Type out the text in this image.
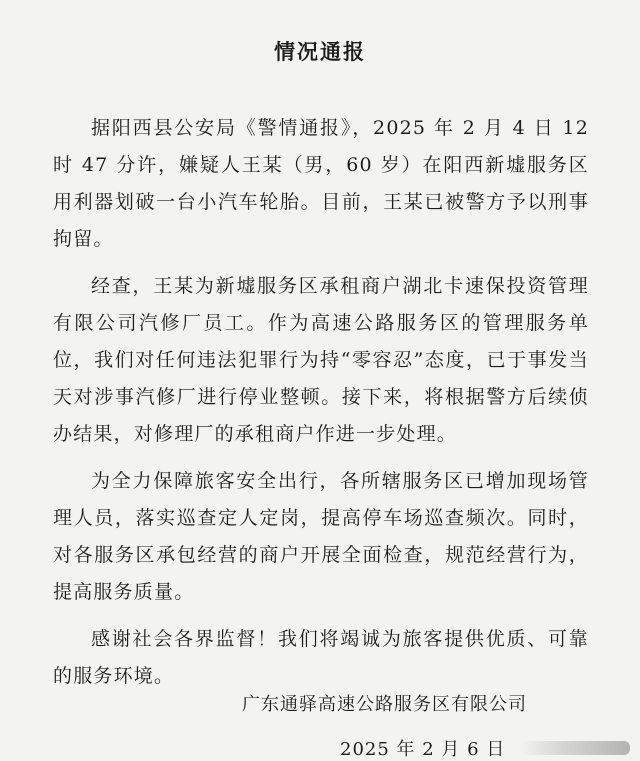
情况通报

据阳西县公安局《警情通报》，2025 年 2 月 4 日 12 时 47 分许，嫌疑人王某（男，60 岁）在阳西新墟服务区用利器划破一台小汽车轮胎。目前，王某已被警方予以刑事拘留。

经查，王某为新墟服务区承租商户湖北卡速保投资管理有限公司汽修厂员工。作为高速公路服务区的管理服务单位，我们对任何违法犯罪行为持“零容忍”态度，已于事发当天对涉事汽修厂进行停业整顿。接下来，将根据警方后续侦办结果，对修理厂的承租商户作进一步处理。

为全力保障旅客安全出行，各所辖服务区已增加现场管理人员，落实巡查定人定岗，提高停车场巡查频次。同时，对各服务区承包经营的商户开展全面检查，规范经营行为，提高服务质量。

感谢社会各界监督！我们将竭诚为旅客提供优质、可靠的服务环境。

广东通驿高速公路服务区有限公司
2025 年 2 月 6 日
